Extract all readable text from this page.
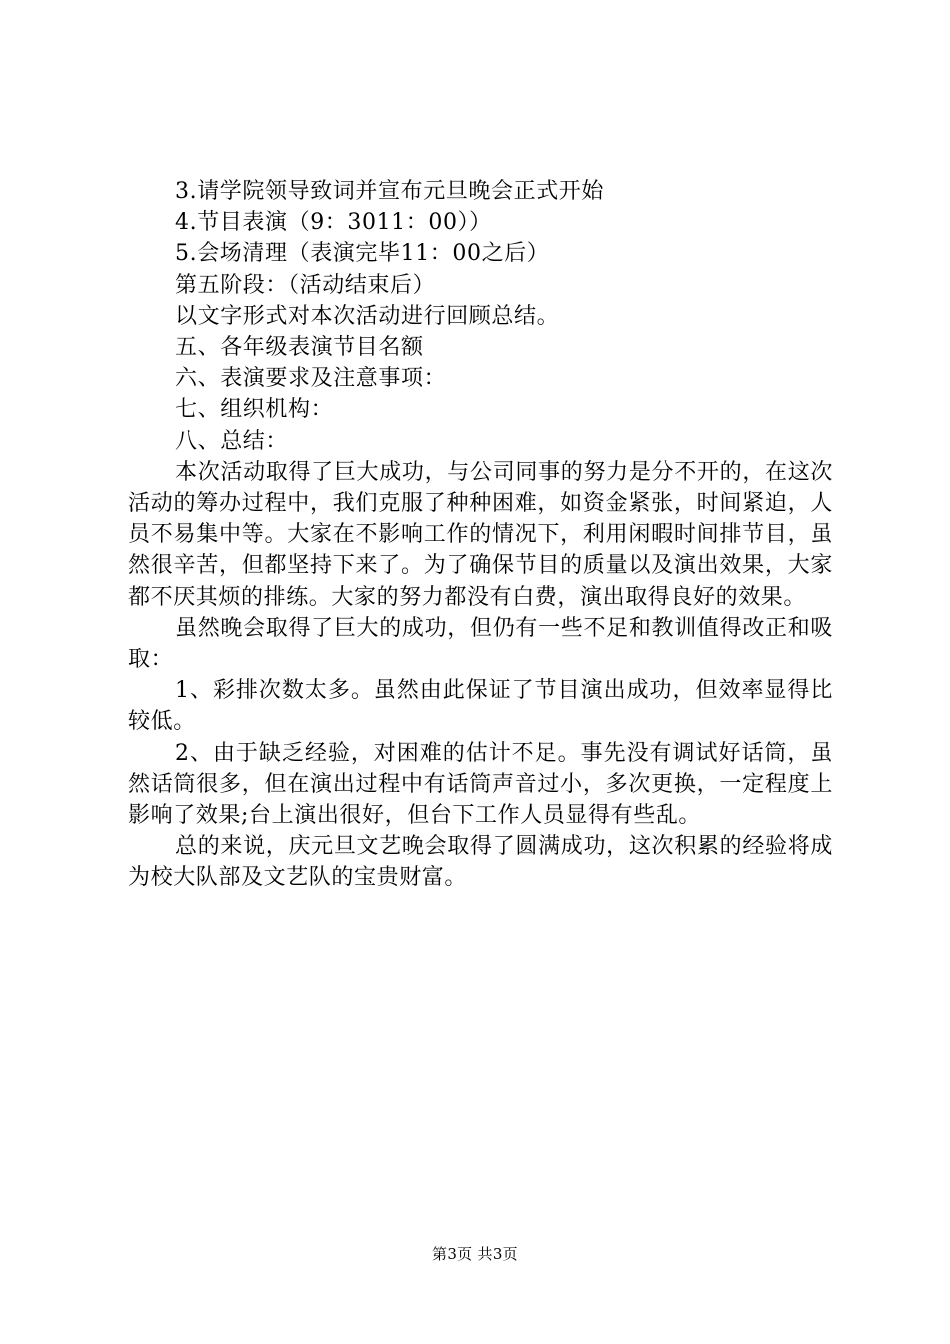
3.请学院领导致词并宣布元旦晚会正式开始

4.节目表演（9：3011：00））

5.会场清理（表演完毕11：00之后）

第五阶段：（活动结束后）

以文字形式对本次活动进行回顾总结。

五、各年级表演节目名额

六、表演要求及注意事项：

七、组织机构：

八、总结：

本次活动取得了巨大成功，与公司同事的努力是分不开的，在这次活动的筹办过程中，我们克服了种种困难，如资金紧张，时间紧迫，人员不易集中等。大家在不影响工作的情况下，利用闲暇时间排节目，虽然很辛苦，但都坚持下来了。为了确保节目的质量以及演出效果，大家都不厌其烦的排练。大家的努力都没有白费，演出取得良好的效果。

虽然晚会取得了巨大的成功，但仍有一些不足和教训值得改正和吸取：

1、彩排次数太多。虽然由此保证了节目演出成功，但效率显得比较低。

2、由于缺乏经验，对困难的估计不足。事先没有调试好话筒，虽然话筒很多，但在演出过程中有话筒声音过小，多次更换，一定程度上影响了效果;台上演出很好，但台下工作人员显得有些乱。

总的来说，庆元旦文艺晚会取得了圆满成功，这次积累的经验将成为校大队部及文艺队的宝贵财富。

第3页 共3页
